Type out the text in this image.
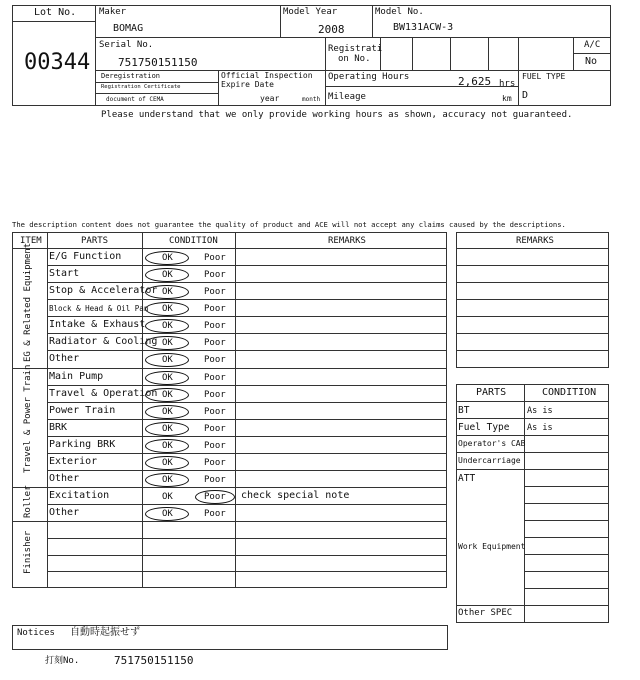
Lot No.
00344
Maker
BOMAG
Model Year
2008
Model No.
BW131ACW-3
Serial No.
751750151150
Registrati
on No.
A/C
No
Deregistration
Registration Certificate
document of CEMA
Official Inspection
Expire Date
year	month
Operating Hours	2,625 hrs
Mileage	km
FUEL TYPE
D
Please understand that we only provide working hours as shown, accuracy not guaranteed.
The description content does not guarantee the quality of product and ACE will not accept any claims caused by the descriptions.
ITEM	PARTS	CONDITION	REMARKS
EG & Related Equipment
Travel & Power Train
Roller
Finisher
E/G Function	OK	Poor
Start	OK	Poor
Stop & Accelerator OK	Poor
Block & Head & Oil Pan OK	Poor
Intake & Exhaust OK	Poor
Radiator & Cooling OK	Poor
Other	OK	Poor
Main Pump	OK	Poor
Travel & Operation OK	Poor
Power Train	OK	Poor
BRK	OK	Poor
Parking BRK	OK	Poor
Exterior	OK	Poor
Other	OK	Poor
Excitation	OK	Poor check special note
Other	OK	Poor
REMARKS
PARTS	CONDITION
BT	As is
Fuel Type As is
Operator's CAB
Undercarriage
ATT
Work Equipment
Other SPEC
Notices 自動時起振せず
打刻No.	751750151150
